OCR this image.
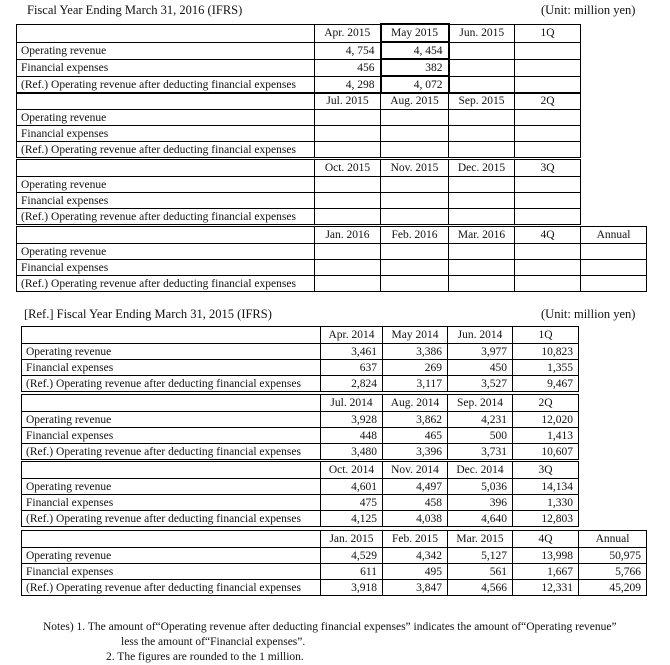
Fiscal Year Ending March 31, 2016 (IFRS)	(Unit: million yen)
	Apr. 2015	May 2015	Jun. 2015	1Q
Operating revenue	4, 754	4, 454		
Financial expenses	456	382		
(Ref.) Operating revenue after deducting financial expenses	4, 298	4, 072		
	Jul. 2015	Aug. 2015	Sep. 2015	2Q
Operating revenue				
Financial expenses				
(Ref.) Operating revenue after deducting financial expenses				
	Oct. 2015	Nov. 2015	Dec. 2015	3Q
Operating revenue				
Financial expenses				
(Ref.) Operating revenue after deducting financial expenses				
	Jan. 2016	Feb. 2016	Mar. 2016	4Q	Annual
Operating revenue					
Financial expenses					
(Ref.) Operating revenue after deducting financial expenses					
[Ref.] Fiscal Year Ending March 31, 2015 (IFRS)	(Unit: million yen)
	Apr. 2014	May 2014	Jun. 2014	1Q
Operating revenue	3,461	3,386	3,977	10,823
Financial expenses	637	269	450	1,355
(Ref.) Operating revenue after deducting financial expenses	2,824	3,117	3,527	9,467
	Jul. 2014	Aug. 2014	Sep. 2014	2Q
Operating revenue	3,928	3,862	4,231	12,020
Financial expenses	448	465	500	1,413
(Ref.) Operating revenue after deducting financial expenses	3,480	3,396	3,731	10,607
	Oct. 2014	Nov. 2014	Dec. 2014	3Q
Operating revenue	4,601	4,497	5,036	14,134
Financial expenses	475	458	396	1,330
(Ref.) Operating revenue after deducting financial expenses	4,125	4,038	4,640	12,803
	Jan. 2015	Feb. 2015	Mar. 2015	4Q	Annual
Operating revenue	4,529	4,342	5,127	13,998	50,975
Financial expenses	611	495	561	1,667	5,766
(Ref.) Operating revenue after deducting financial expenses	3,918	3,847	4,566	12,331	45,209
Notes) 1. The amount of“Operating revenue after deducting financial expenses” indicates the amount of“Operating revenue”
less the amount of“Financial expenses”.
2. The figures are rounded to the 1 million.
